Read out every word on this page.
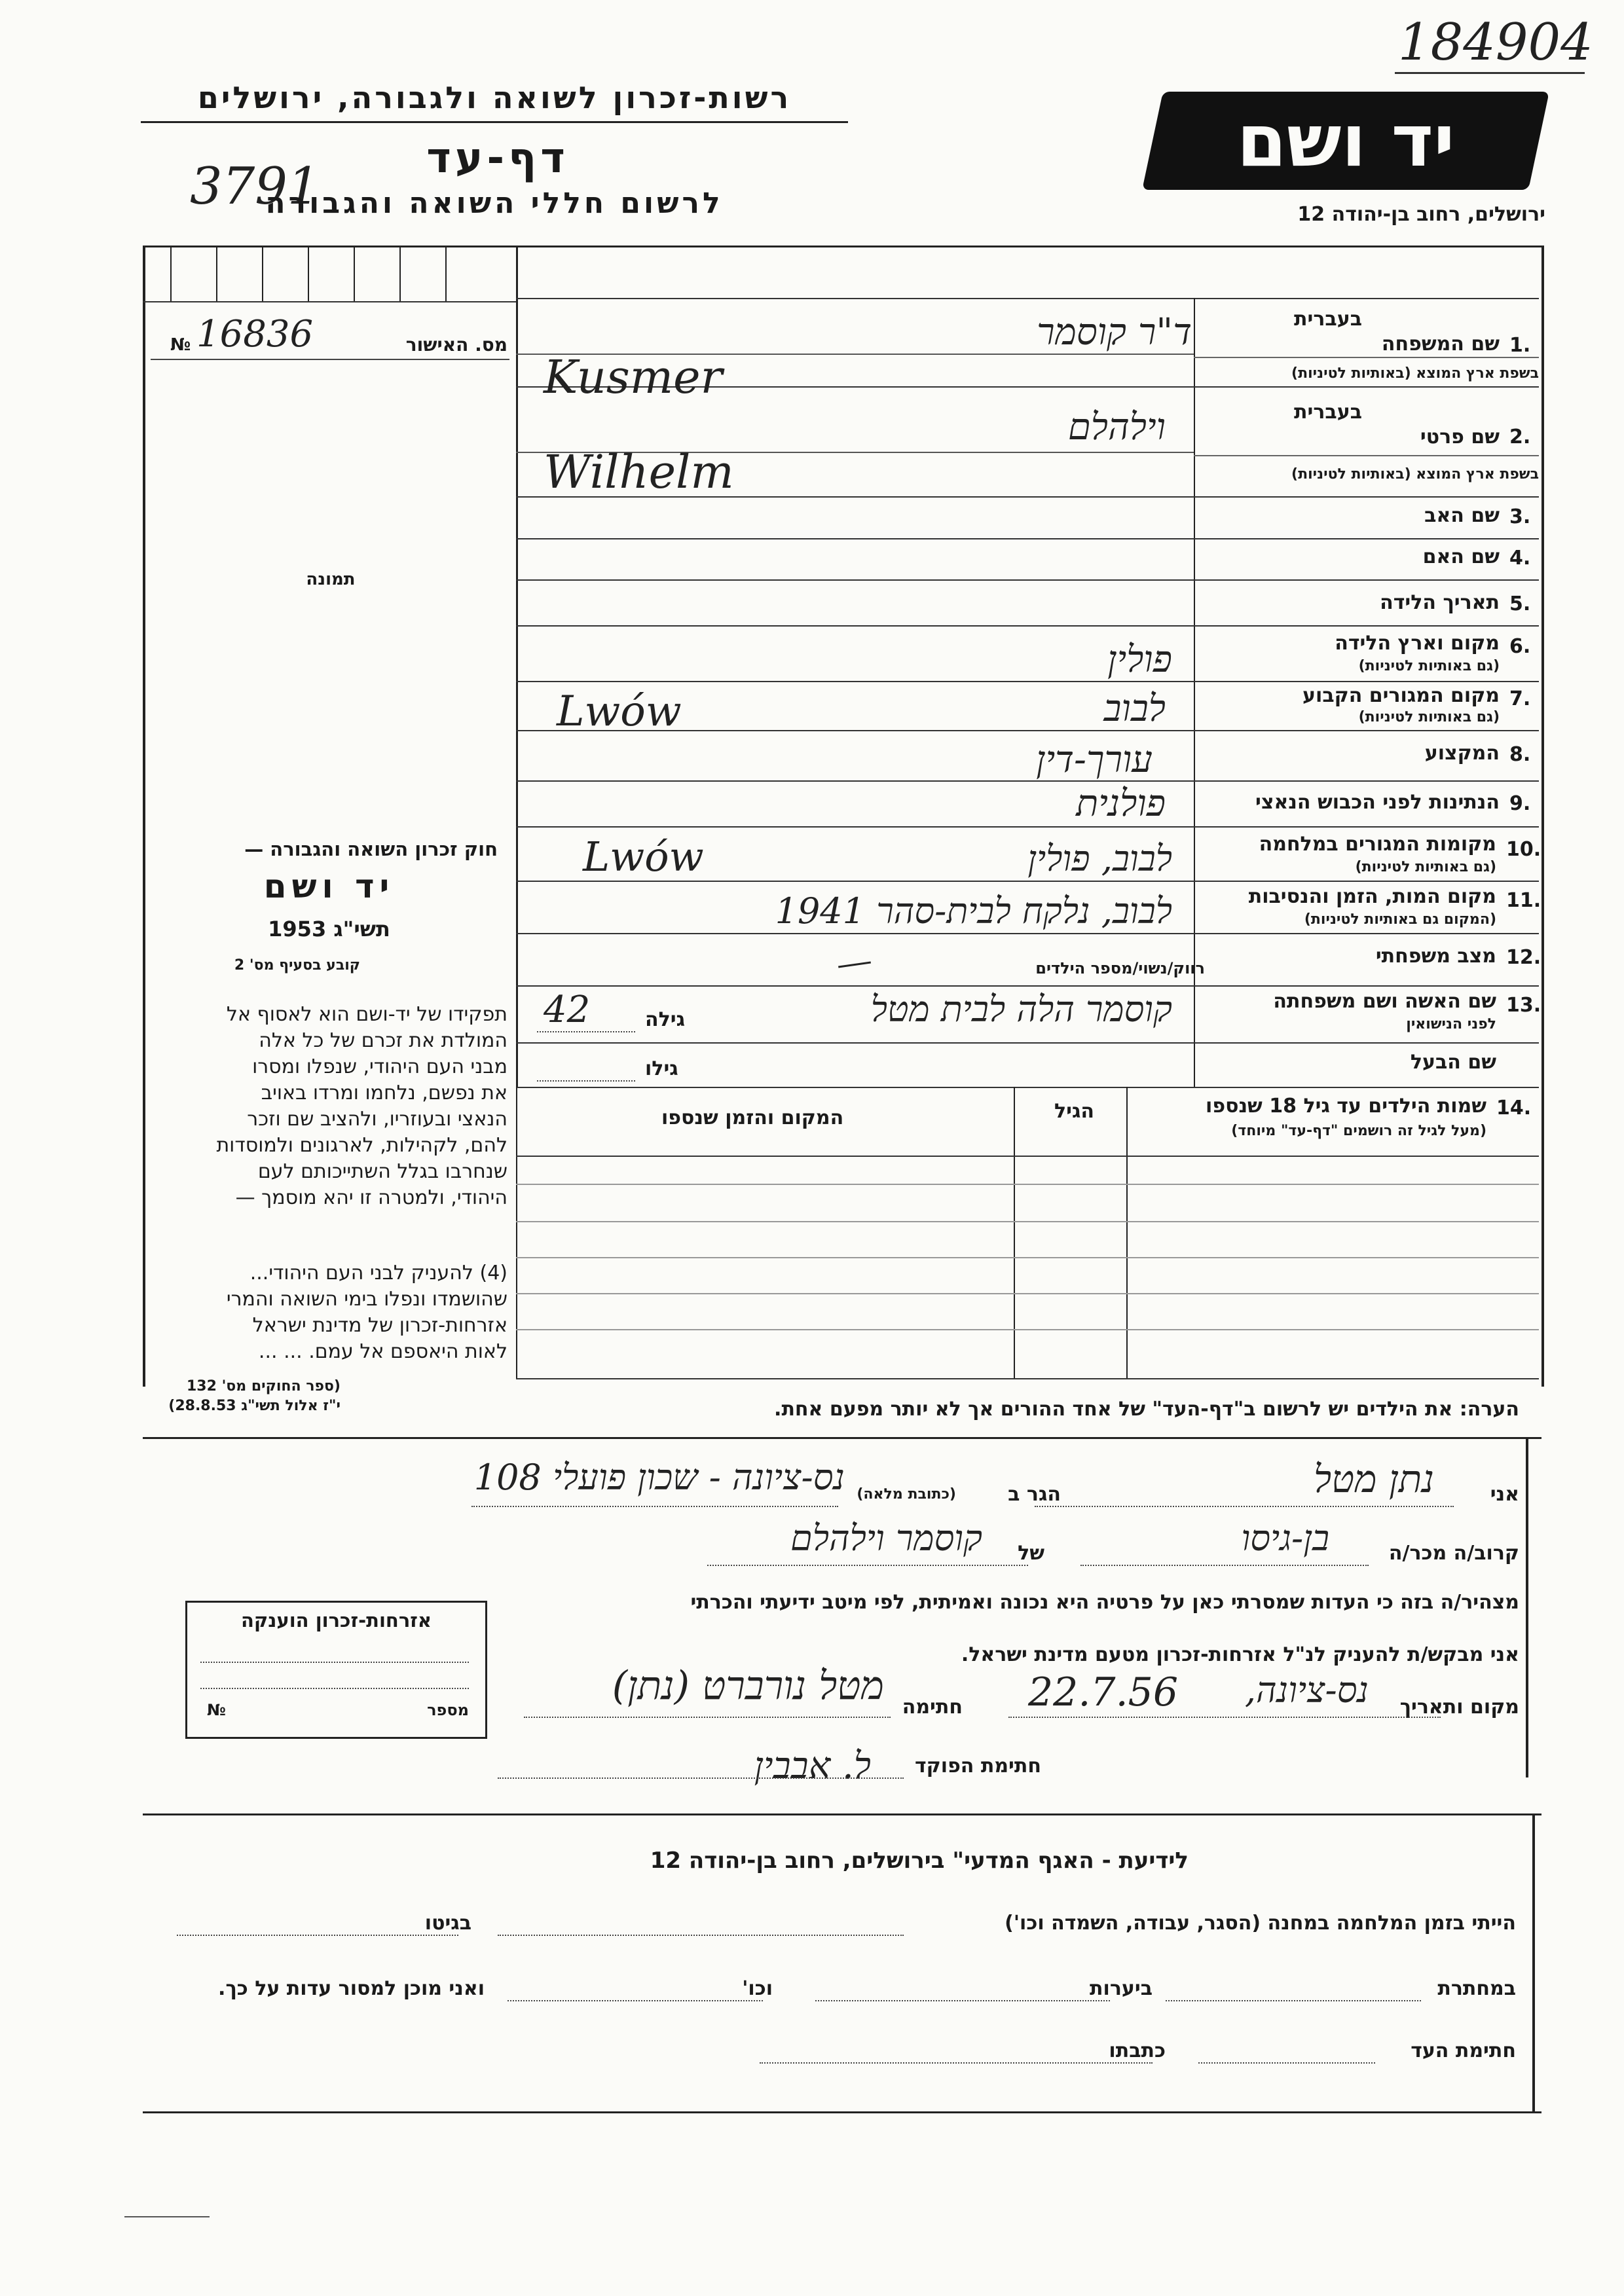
184904
רשות-זכרון לשואה ולגבורה, ירושלים
דף-עד
3791
לרשום חללי השואה והגבורה
יד ושם
ירושלים, רחוב בן-יהודה 12
מס. האישור
№ 16836
תמונה
1.
שם המשפחה
בעברית
בשפת ארץ המוצא (באותיות לטיניות)
2.
שם פרטי
בעברית
בשפת ארץ המוצא (באותיות לטיניות)
3.
שם האב
4.
שם האם
5.
תאריך הלידה
6.
מקום וארץ הלידה
(גם באותיות לטיניות)
7.
מקום המגורים הקבוע
(גם באותיות לטיניות)
8.
המקצוע
9.
הנתינות לפני הכבוש הנאצי
10.
מקומות המגורים במלחמה
(גם באותיות לטיניות)
11.
מקום המות, הזמן והנסיבות
(המקום גם באותיות לטיניות)
12.
מצב משפחתי
רווק/נשוי/מספר הילדים
13.
שם האשה ושם משפחתה
לפני הנישואין
גילה
42
שם הבעל
גילו
ד"ר קוסמר
Kusmer
וילהלם
Wilhelm
פולין
לבוב
Lwów
עורך-דין
פולנית
לבוב, פולין
Lwów
לבוב, נלקח לבית-סהר 1941
קוסמר הלה לבית מטל
14.
שמות הילדים עד גיל 18 שנספו
(מעל לגיל זה רושמים "דף-עד" מיוחד)
הגיל
המקום והזמן שנספו
חוק זכרון השואה והגבורה —
יד ושם
תשי"ג 1953
קובע בסעיף מס' 2
תפקידו של יד-ושם הוא לאסוף אל
המולדת את זכרם של כל אלה
מבני העם היהודי, שנפלו ומסרו
את נפשם, נלחמו ומרדו באויב
הנאצי ובעוזריו, ולהציב שם וזכר
להם, לקהילות, לארגונים ולמוסדות
שנחרבו בגלל השתייכותם לעם
היהודי, ולמטרה זו יהא מוסמך —
(4) להעניק לבני העם היהודי...
שהושמדו ונפלו בימי השואה והמרי
אזרחות-זכרון של מדינת ישראל
לאות היאספם אל עמם. ... ...
(ספר החוקים מס' 132
י"ז אלול תשי"ג 28.8.53)	הערה: את הילדים יש לרשום ב"דף-העד" של אחד ההורים אך לא יותר מפעם אחת.
אני
נתן מטל
הגר ב
(כתובת מלאה)
נס-ציונה - שכון פועלי 108
קרוב/ה מכר/ה
בן-גיסו
של
קוסמר וילהלם
מצהיר/ה בזה כי העדות שמסרתי כאן על פרטיה היא נכונה ואמיתית, לפי מיטב ידיעתי והכרתי
אני מבקש/ת להעניק לנ"ל אזרחות-זכרון מטעם מדינת ישראל.
מקום ותאריך
נס-ציונה,
22.7.56
חתימה
מטל נורברט (נתן)
חתימת הפוקד
ל. אבבין
אזרחות-זכרון הוענקה
מספר
№
לידיעת - האגף המדעי" בירושלים, רחוב בן-יהודה 12
הייתי בזמן המלחמה במחנה (הסגר, עבודה, השמדה וכו')
בגיטו
במחתרת
ביערות
וכו'
ואני מוכן למסור עדות על כך.
חתימת העד
כתבתו
